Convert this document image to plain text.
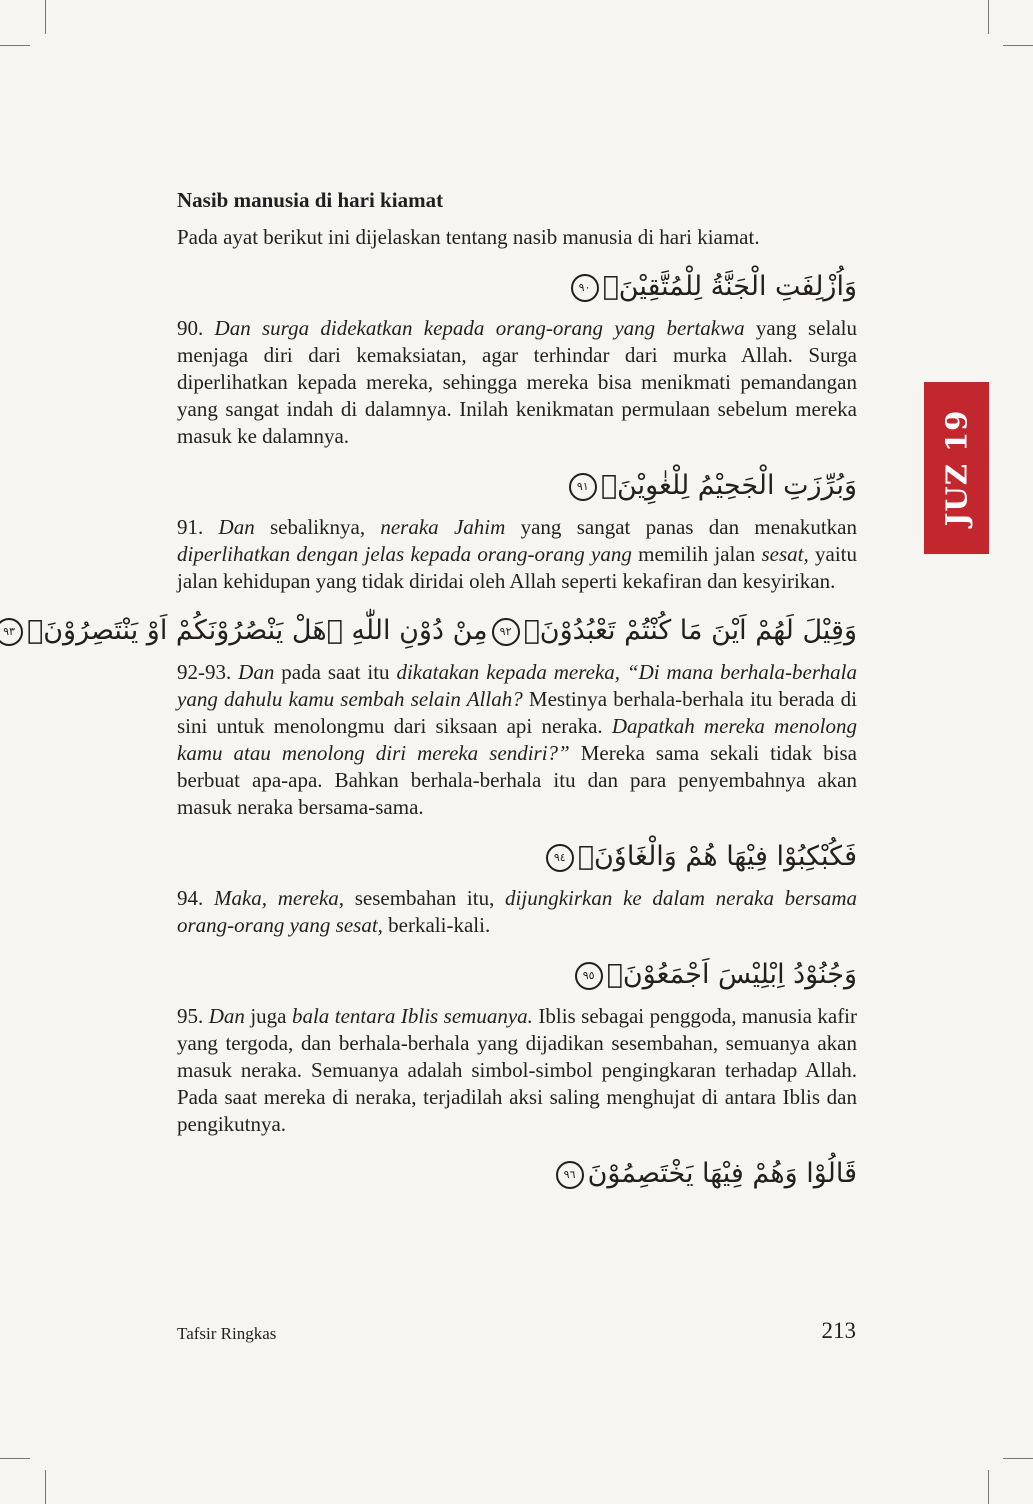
JUZ 19
Nasib manusia di hari kiamat

Pada ayat berikut ini dijelaskan tentang nasib manusia di hari kiamat.

وَاُزْلِفَتِ الْجَنَّةُ لِلْمُتَّقِيْنَۙ٩٠

90. Dan surga didekatkan kepada orang-orang yang bertakwa yang selalu menjaga diri dari kemaksiatan, agar terhindar dari murka Allah. Surga diperlihatkan kepada mereka, sehingga mereka bisa menikmati pemandangan yang sangat indah di dalamnya. Inilah kenikmatan permulaan sebelum mereka masuk ke dalamnya.

وَبُرِّزَتِ الْجَحِيْمُ لِلْغٰوِيْنَۙ٩١

91. Dan sebaliknya, neraka Jahim yang sangat panas dan menakutkan diperlihatkan dengan jelas kepada orang-orang yang memilih jalan sesat, yaitu jalan kehidupan yang tidak diridai oleh Allah seperti kekafiran dan kesyirikan.

وَقِيْلَ لَهُمْ اَيْنَ مَا كُنْتُمْ تَعْبُدُوْنَۙ٩٢مِنْ دُوْنِ اللّٰهِ ۗهَلْ يَنْصُرُوْنَكُمْ اَوْ يَنْتَصِرُوْنَۗ٩٣

92-93. Dan pada saat itu dikatakan kepada mereka, “Di mana berhala-berhala yang dahulu kamu sembah selain Allah? Mestinya berhala-berhala itu berada di sini untuk menolongmu dari siksaan api neraka. Dapatkah mereka menolong kamu atau menolong diri mereka sendiri?” Mereka sama sekali tidak bisa berbuat apa-apa. Bahkan berhala-berhala itu dan para penyembahnya akan masuk neraka bersama-sama.

فَكُبْكِبُوْا فِيْهَا هُمْ وَالْغَاوٗنَۙ٩٤

94. Maka, mereka, sesembahan itu, dijungkirkan ke dalam neraka bersama orang-orang yang sesat, berkali-kali.

وَجُنُوْدُ اِبْلِيْسَ اَجْمَعُوْنَۗ٩٥

95. Dan juga bala tentara Iblis semuanya. Iblis sebagai penggoda, manusia kafir yang tergoda, dan berhala-berhala yang dijadikan sesembahan, semuanya akan masuk neraka. Semuanya adalah simbol-simbol pengingkaran terhadap Allah. Pada saat mereka di neraka, terjadilah aksi saling menghujat di antara Iblis dan pengikutnya.

قَالُوْا وَهُمْ فِيْهَا يَخْتَصِمُوْنَ٩٦
Tafsir Ringkas	213
